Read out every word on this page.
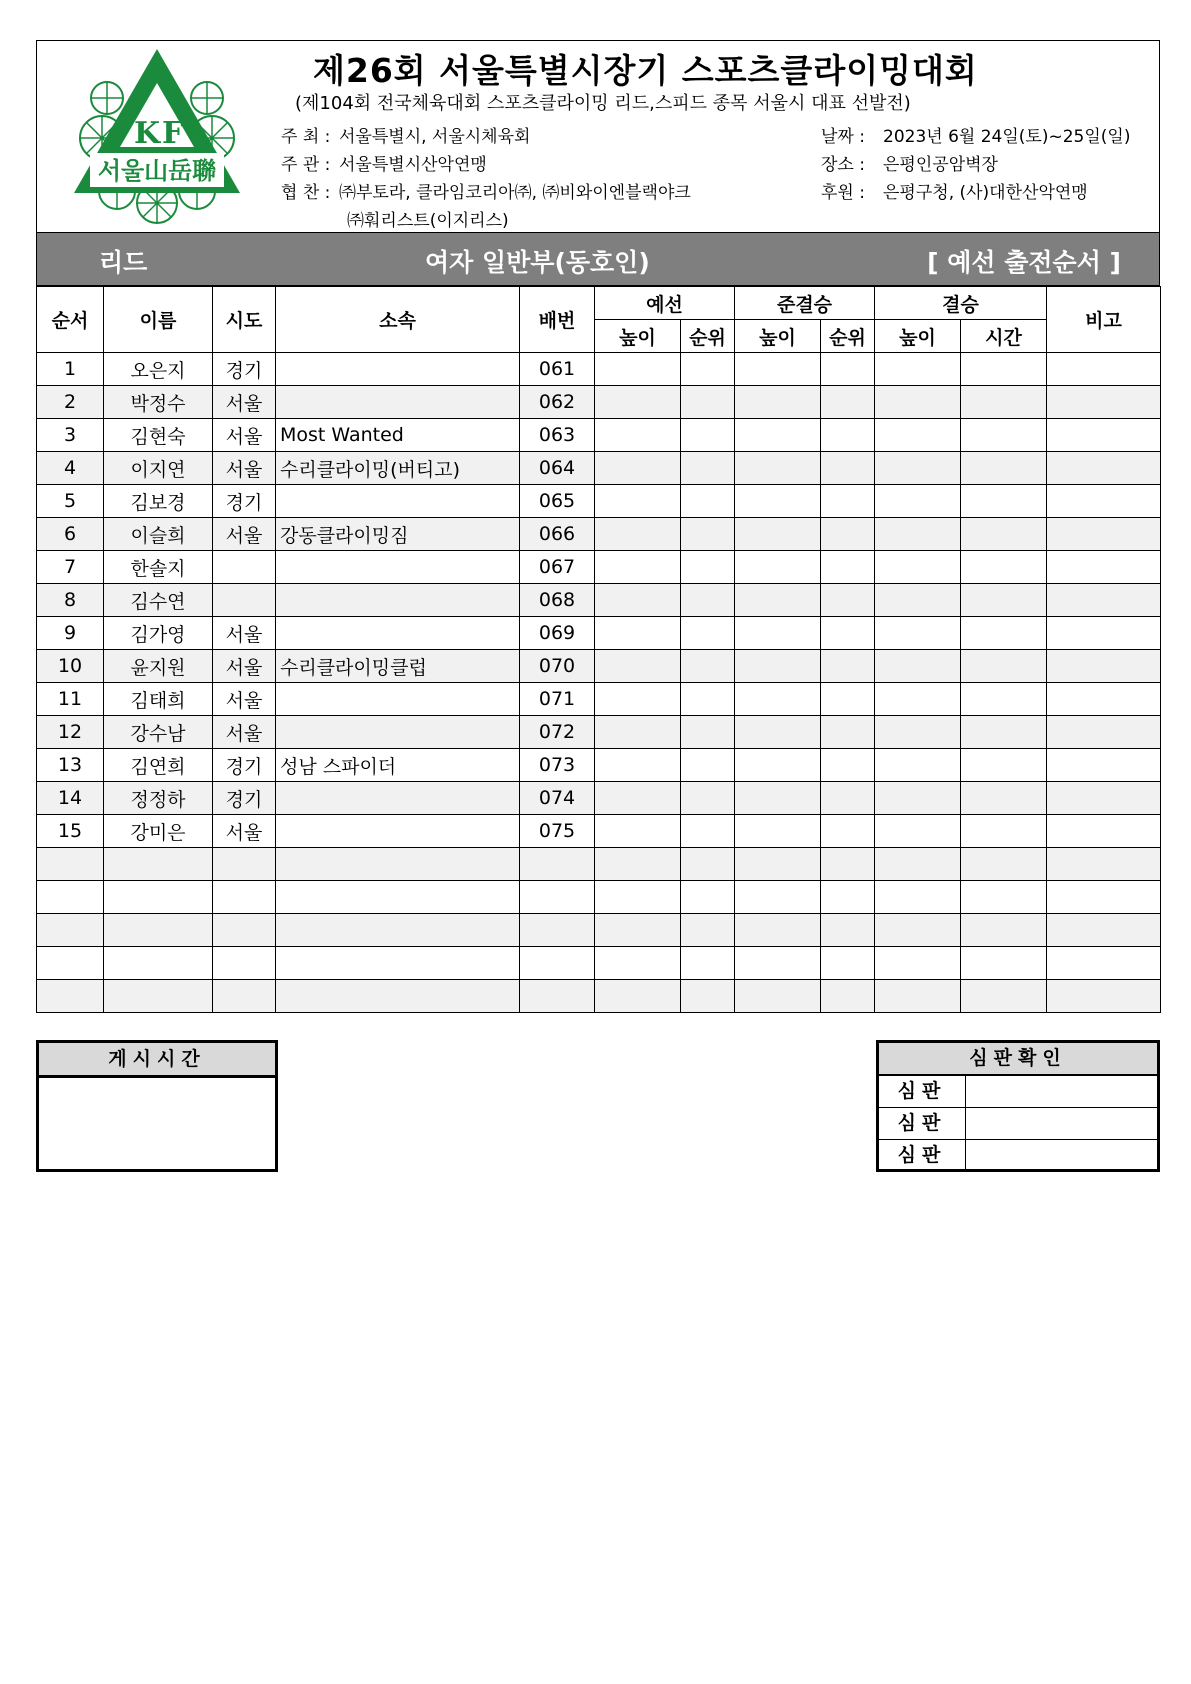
K F
서울山岳聯
제26회 서울특별시장기 스포츠클라이밍대회
(제104회 전국체육대회 스포츠클라이밍 리드,스피드 종목 서울시 대표 선발전)
주 최 : 서울특별시, 서울시체육회
주 관 : 서울특별시산악연맹
협 찬 : ㈜부토라, 클라임코리아㈜, ㈜비와이엔블랙야크
㈜훠리스트(이지리스)
날짜 :	2023년 6월 24일(토)~25일(일)
장소 :	은평인공암벽장
후원 :	은평구청, (사)대한산악연맹
리드	여자 일반부(동호인)	[ 예선 출전순서 ]
순서	이름	시도	소속	배번	예선		준결승		결승		비고
					높이	순위	높이	순위	높이	시간	
1	오은지	경기		061							
2	박정수	서울		062							
3	김현숙	서울	Most Wanted	063							
4	이지연	서울	수리클라이밍(버티고)	064							
5	김보경	경기		065							
6	이슬희	서울	강동클라이밍짐	066							
7	한솔지			067							
8	김수연			068							
9	김가영	서울		069							
10	윤지원	서울	수리클라이밍클럽	070							
11	김태희	서울		071							
12	강수남	서울		072							
13	김연희	경기	성남 스파이더	073							
14	정정하	경기		074							
15	강미은	서울		075							

게시시간	심판확인
심판
심판
심판
